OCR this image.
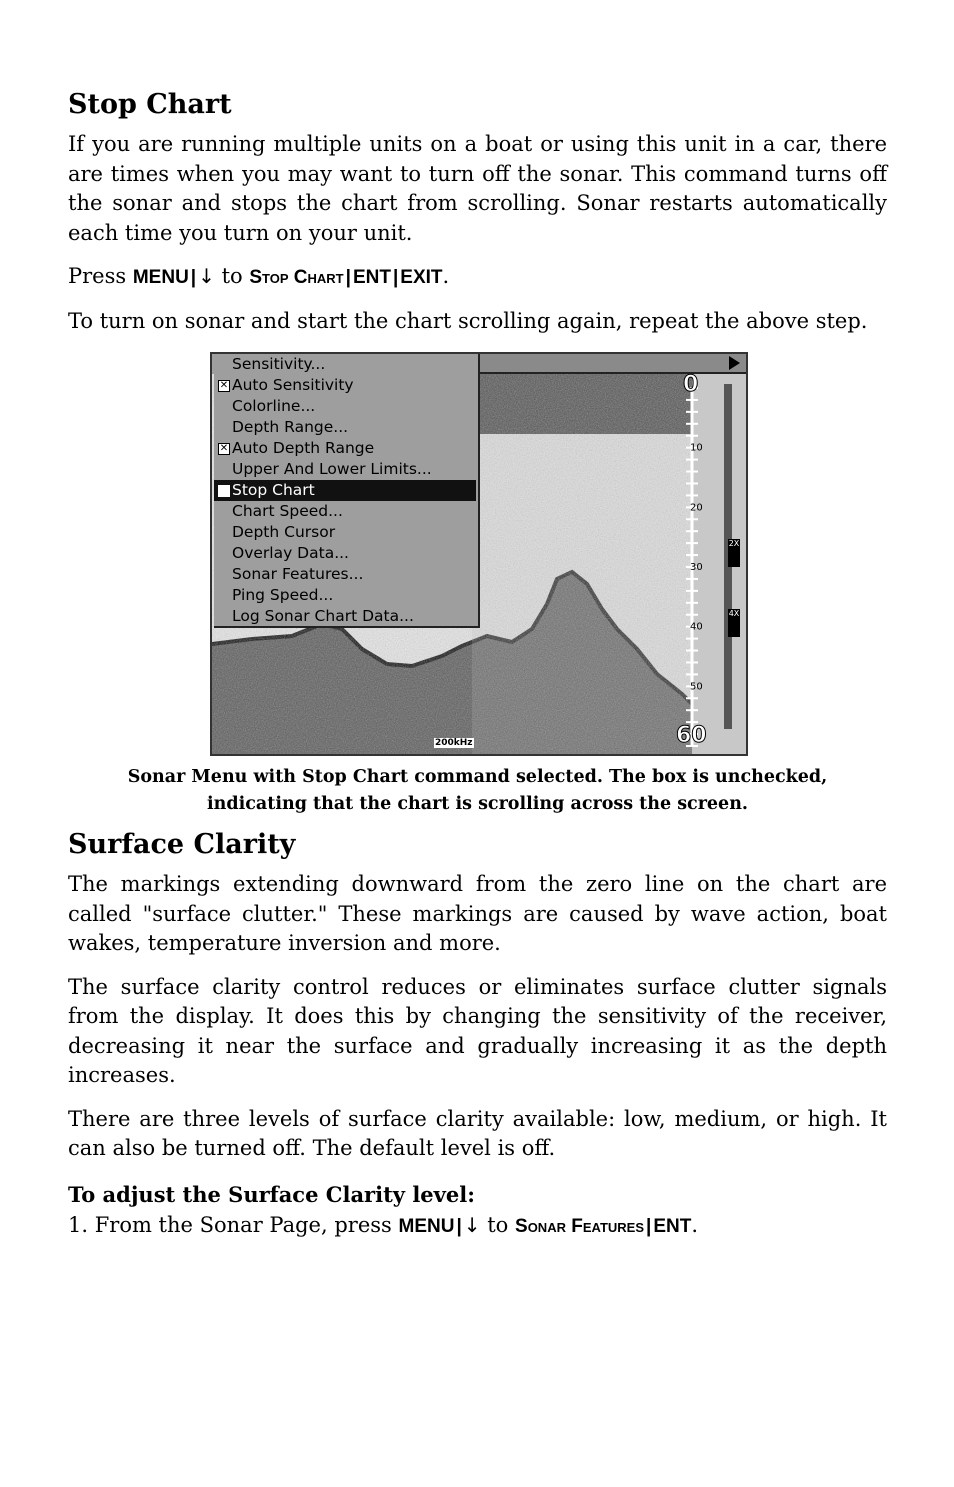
Stop Chart

If you are running multiple units on a boat or using this unit in a car, there are times when you may want to turn off the sonar. This command turns off the sonar and stops the chart from scrolling. Sonar restarts automatically each time you turn on your unit.

Press MENU | ↓ to Stop Chart | ENT | EXIT.

To turn on sonar and start the chart scrolling again, repeat the above step.

10
20
30
40
50
Sensitivity...
✕ Auto Sensitivity
Colorline...
Depth Range...
✕ Auto Depth Range
Upper And Lower Limits...
Stop Chart
Chart Speed...
Depth Cursor
Overlay Data...
Sonar Features...
Ping Speed...
Log Sonar Chart Data...
0
60
2X
4X
200kHz
Sonar Menu with Stop Chart command selected. The box is unchecked,
indicating that the chart is scrolling across the screen.
Surface Clarity

The markings extending downward from the zero line on the chart are called "surface clutter." These markings are caused by wave action, boat wakes, temperature inversion and more.

The surface clarity control reduces or eliminates surface clutter signals from the display. It does this by changing the sensitivity of the receiver, decreasing it near the surface and gradually increasing it as the depth increases.

There are three levels of surface clarity available: low, medium, or high. It can also be turned off. The default level is off.

To adjust the Surface Clarity level:
1. From the Sonar Page, press MENU | ↓ to Sonar Features | ENT.
